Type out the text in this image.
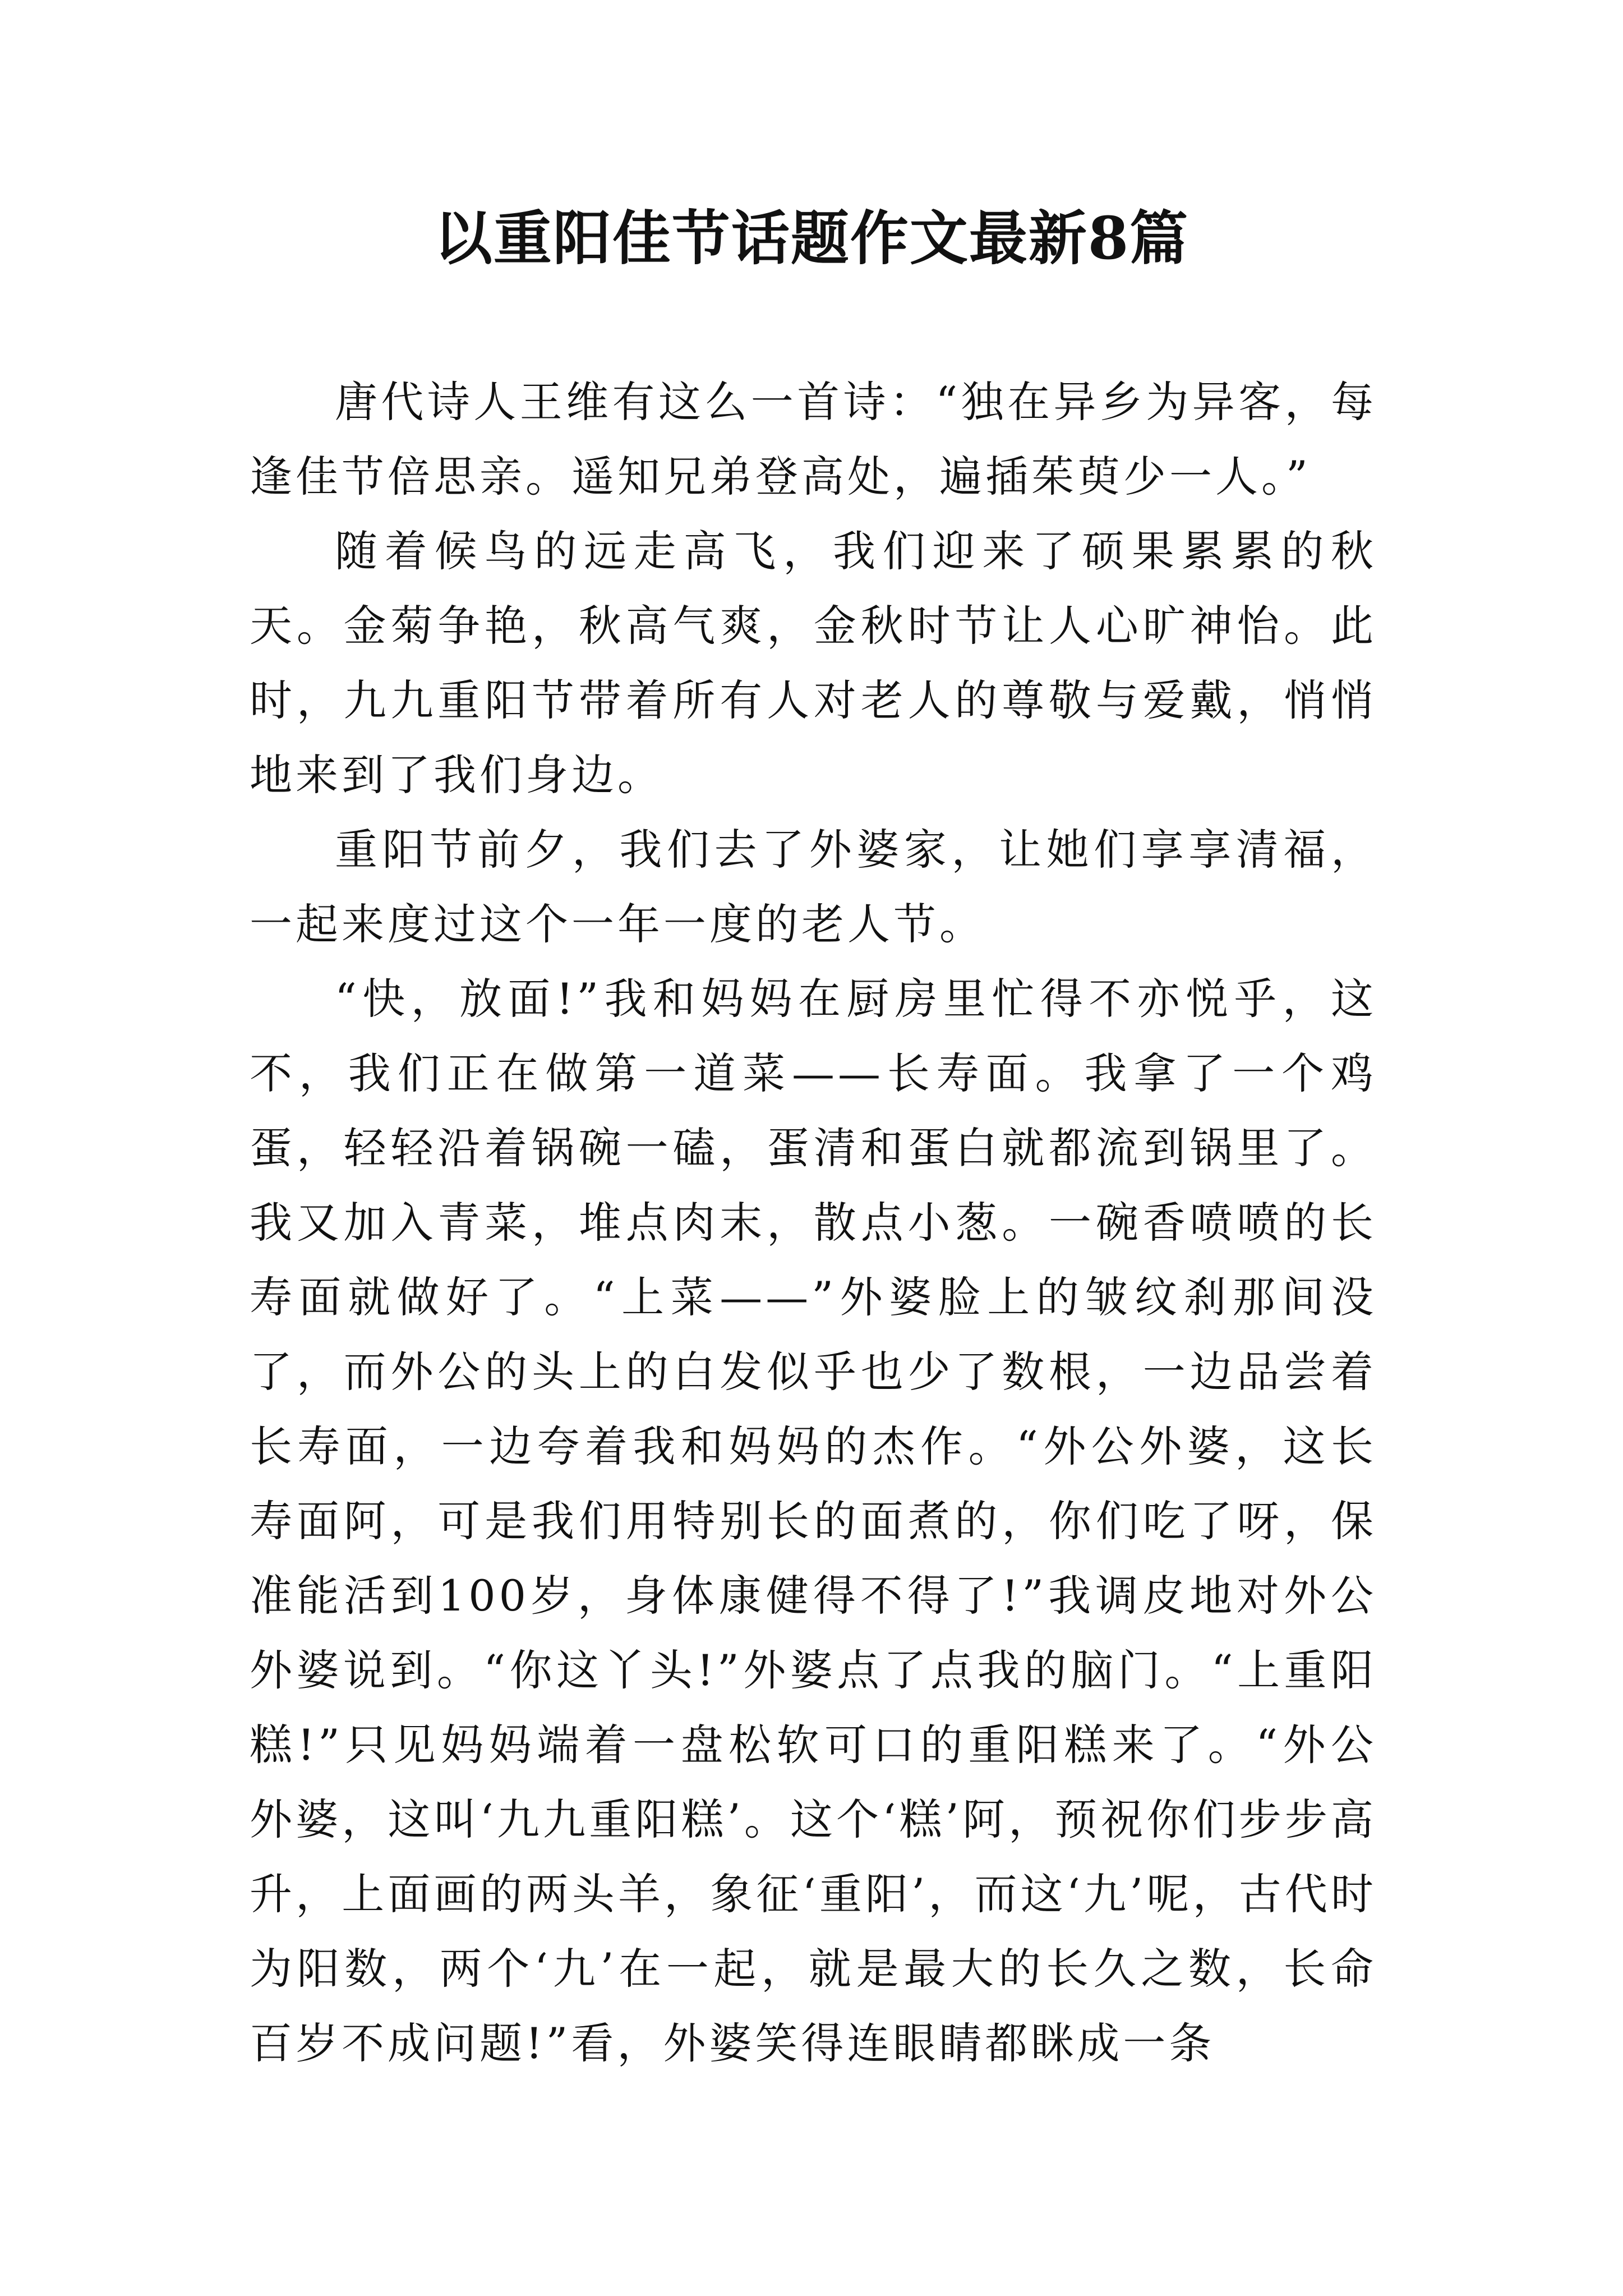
以重阳佳节话题作文最新8篇

唐代诗人王维有这么一首诗：“独在异乡为异客，每逢佳节倍思亲。遥知兄弟登高处，遍插茱萸少一人。”

随着候鸟的远走高飞，我们迎来了硕果累累的秋天。金菊争艳，秋高气爽，金秋时节让人心旷神怡。此时，九九重阳节带着所有人对老人的尊敬与爱戴，悄悄地来到了我们身边。

重阳节前夕，我们去了外婆家，让她们享享清福，一起来度过这个一年一度的老人节。

“快，放面!”我和妈妈在厨房里忙得不亦悦乎，这不，我们正在做第一道菜——长寿面。我拿了一个鸡蛋，轻轻沿着锅碗一磕，蛋清和蛋白就都流到锅里了。我又加入青菜，堆点肉末，散点小葱。一碗香喷喷的长寿面就做好了。“上菜——”外婆脸上的皱纹刹那间没了，而外公的头上的白发似乎也少了数根，一边品尝着长寿面，一边夸着我和妈妈的杰作。“外公外婆，这长寿面阿，可是我们用特别长的面煮的，你们吃了呀，保准能活到100岁，身体康健得不得了!”我调皮地对外公外婆说到。“你这丫头!”外婆点了点我的脑门。“上重阳糕!”只见妈妈端着一盘松软可口的重阳糕来了。“外公外婆，这叫‘九九重阳糕’。这个‘糕’阿，预祝你们步步高升，上面画的两头羊，象征‘重阳’，而这‘九’呢，古代时为阳数，两个‘九’在一起，就是最大的长久之数，长命百岁不成问题!”看，外婆笑得连眼睛都眯成一条
